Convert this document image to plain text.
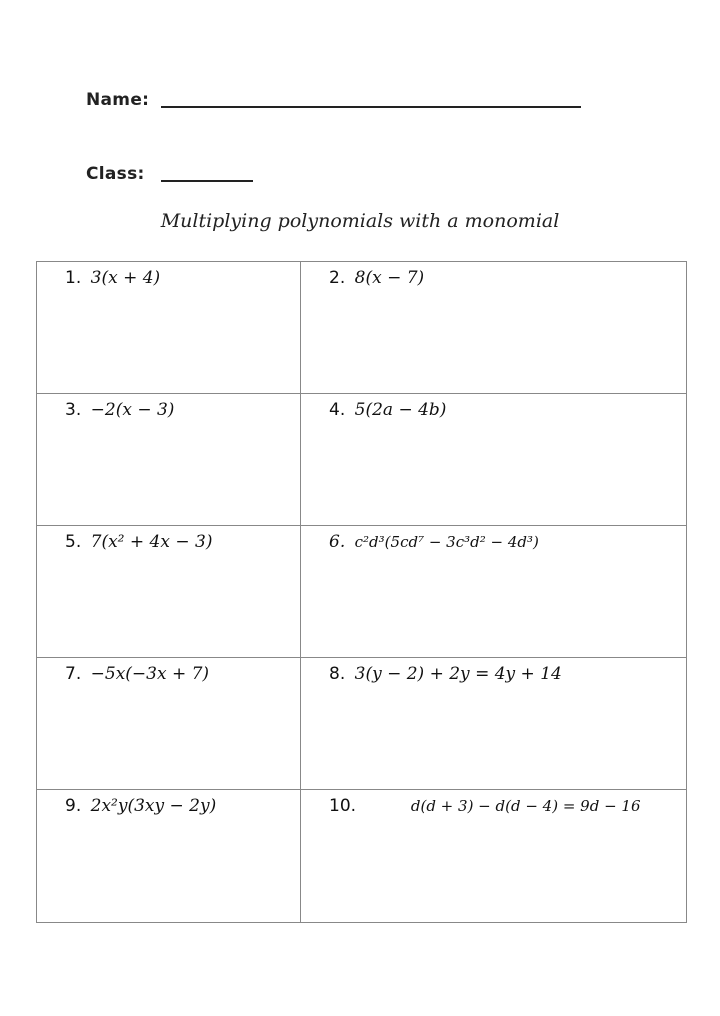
Name:
Class:
Multiplying polynomials with a monomial
1. 3(x + 4)	2. 8(x − 7)
3. −2(x − 3)	4. 5(2a − 4b)
5. 7(x² + 4x − 3)	6. c²d³(5cd⁷ − 3c³d² − 4d³)
7. −5x(−3x + 7)	8. 3(y − 2) + 2y = 4y + 14
9. 2x²y(3xy − 2y)	10.	d(d + 3) − d(d − 4) = 9d − 16
